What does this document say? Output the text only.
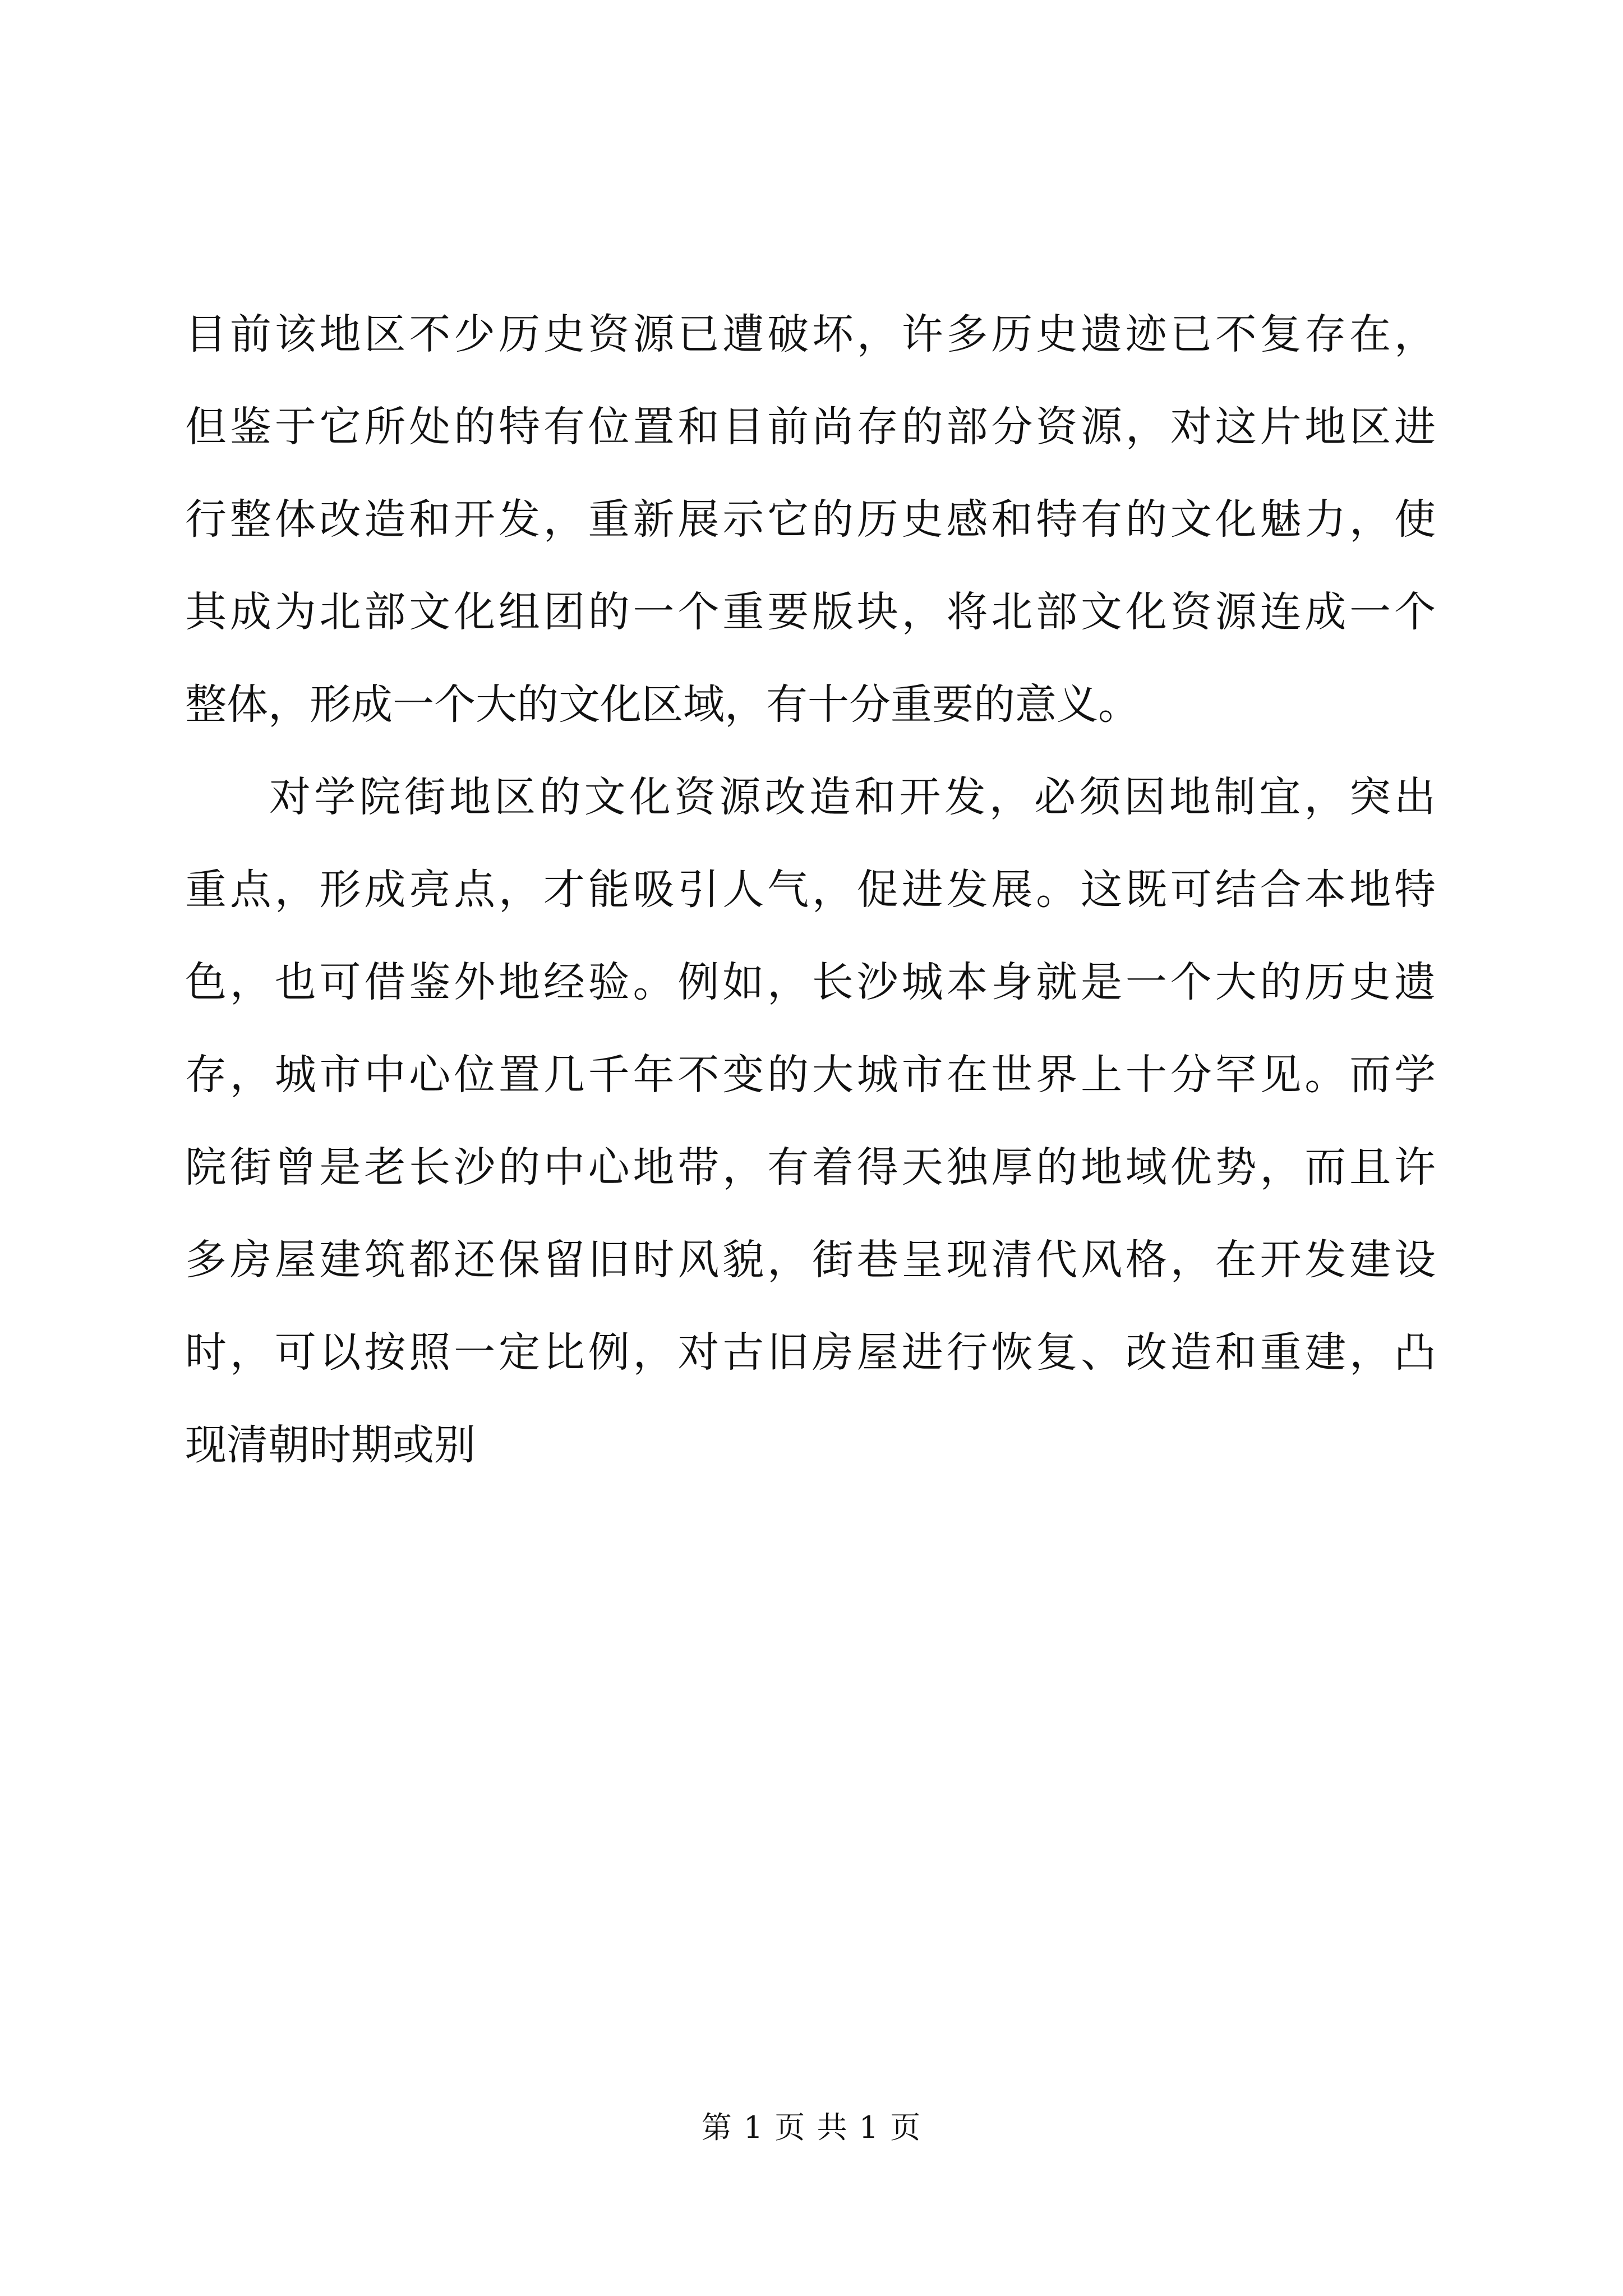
目前该地区不少历史资源已遭破坏，许多历史遗迹已不复存在，
但鉴于它所处的特有位置和目前尚存的部分资源，对这片地区进
行整体改造和开发，重新展示它的历史感和特有的文化魅力，使
其成为北部文化组团的一个重要版块，将北部文化资源连成一个
整体，形成一个大的文化区域，有十分重要的意义。
对学院街地区的文化资源改造和开发，必须因地制宜，突出
重点，形成亮点，才能吸引人气，促进发展。这既可结合本地特
色，也可借鉴外地经验。例如，长沙城本身就是一个大的历史遗
存，城市中心位置几千年不变的大城市在世界上十分罕见。而学
院街曾是老长沙的中心地带，有着得天独厚的地域优势，而且许
多房屋建筑都还保留旧时风貌，街巷呈现清代风格，在开发建设
时，可以按照一定比例，对古旧房屋进行恢复、改造和重建，凸
现清朝时期或别
第 1 页 共 1 页
